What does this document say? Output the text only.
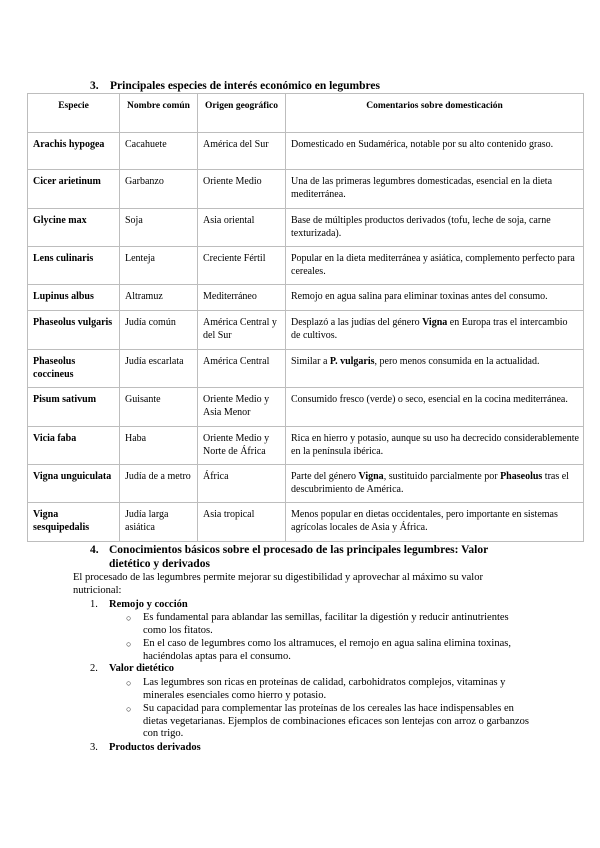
3. Principales especies de interés económico en legumbres
Especie	Nombre común	Origen geográfico	Comentarios sobre domesticación

Arachis hypogea	Cacahuete	América del Sur	Domesticado en Sudamérica, notable por su alto contenido graso.

Cicer arietinum	Garbanzo	Oriente Medio	Una de las primeras legumbres domesticadas, esencial en la dieta mediterránea.

Glycine max	Soja	Asia oriental	Base de múltiples productos derivados (tofu, leche de soja, carne texturizada).

Lens culinaris	Lenteja	Creciente Fértil	Popular en la dieta mediterránea y asiática, complemento perfecto para cereales.

Lupinus albus	Altramuz	Mediterráneo	Remojo en agua salina para eliminar toxinas antes del consumo.

Phaseolus vulgaris	Judía común	América Central y del Sur	Desplazó a las judías del género Vigna en Europa tras el intercambio de cultivos.

Phaseolus coccineus	Judía escarlata	América Central	Similar a P. vulgaris, pero menos consumida en la actualidad.

Pisum sativum	Guisante	Oriente Medio y Asia Menor	Consumido fresco (verde) o seco, esencial en la cocina mediterránea.

Vicia faba	Haba	Oriente Medio y Norte de África	Rica en hierro y potasio, aunque su uso ha decrecido considerablemente en la península ibérica.

Vigna unguiculata	Judía de a metro	África	Parte del género Vigna, sustituido parcialmente por Phaseolus tras el descubrimiento de América.

Vigna sesquipedalis	Judía larga asiática	Asia tropical	Menos popular en dietas occidentales, pero importante en sistemas agrícolas locales de Asia y África.
4. Conocimientos básicos sobre el procesado de las principales legumbres: Valor dietético y derivados
El procesado de las legumbres permite mejorar su digestibilidad y aprovechar al máximo su valor nutricional:
1. Remojo y cocción
○	Es fundamental para ablandar las semillas, facilitar la digestión y reducir antinutrientes como los fitatos.
○	En el caso de legumbres como los altramuces, el remojo en agua salina elimina toxinas, haciéndolas aptas para el consumo.
2. Valor dietético
○	Las legumbres son ricas en proteínas de calidad, carbohidratos complejos, vitaminas y minerales esenciales como hierro y potasio.
○	Su capacidad para complementar las proteínas de los cereales las hace indispensables en dietas vegetarianas. Ejemplos de combinaciones eficaces son lentejas con arroz o garbanzos con trigo.
3. Productos derivados
